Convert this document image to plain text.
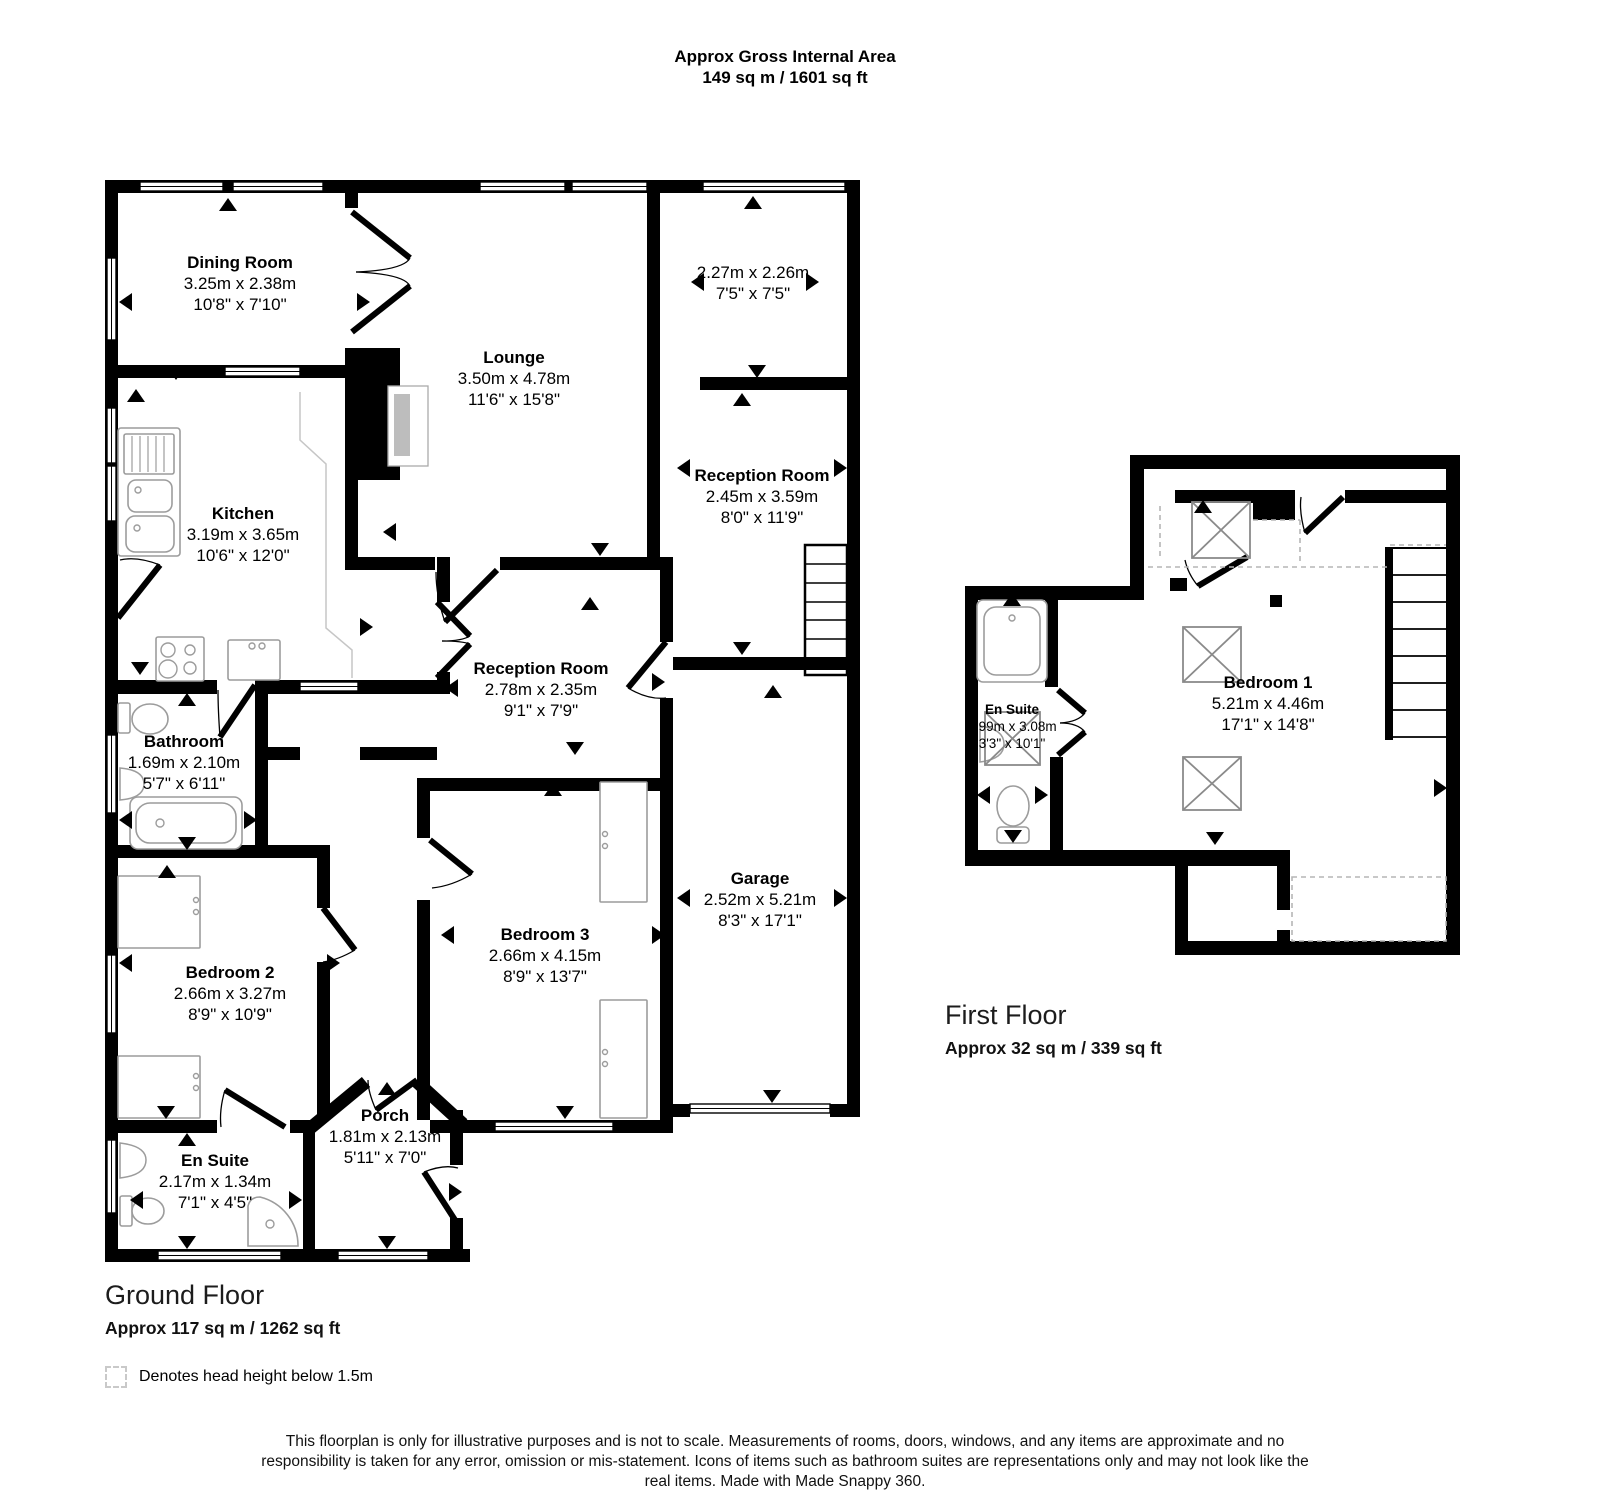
Approx Gross Internal Area
149 sq m / 1601 sq ft
Dining Room
3.25m x 2.38m
10'8" x 7'10"
Lounge
3.50m x 4.78m
11'6" x 15'8"
2.27m x 2.26m
7'5" x 7'5"
Reception Room
2.45m x 3.59m
8'0" x 11'9"
Kitchen
3.19m x 3.65m
10'6" x 12'0"
Reception Room
2.78m x 2.35m
9'1" x 7'9"
Bathroom
1.69m x 2.10m
5'7" x 6'11"
Bedroom 2
2.66m x 3.27m
8'9" x 10'9"
Bedroom 3
2.66m x 4.15m
8'9" x 13'7"
Garage
2.52m x 5.21m
8'3" x 17'1"
En Suite
2.17m x 1.34m
7'1" x 4'5"
Porch
1.81m x 2.13m
5'11" x 7'0"
Bedroom 1
5.21m x 4.46m
17'1" x 14'8"
En Suite
0.99m x 3.08m
3'3" x 10'1"
First Floor
Approx 32 sq m / 339 sq ft
Ground Floor
Approx 117 sq m / 1262 sq ft
Denotes head height below 1.5m
This floorplan is only for illustrative purposes and is not to scale. Measurements of rooms, doors, windows, and any items are approximate and no responsibility is taken for any error, omission or mis-statement. Icons of items such as bathroom suites are representations only and may not look like the real items. Made with Made Snappy 360.
